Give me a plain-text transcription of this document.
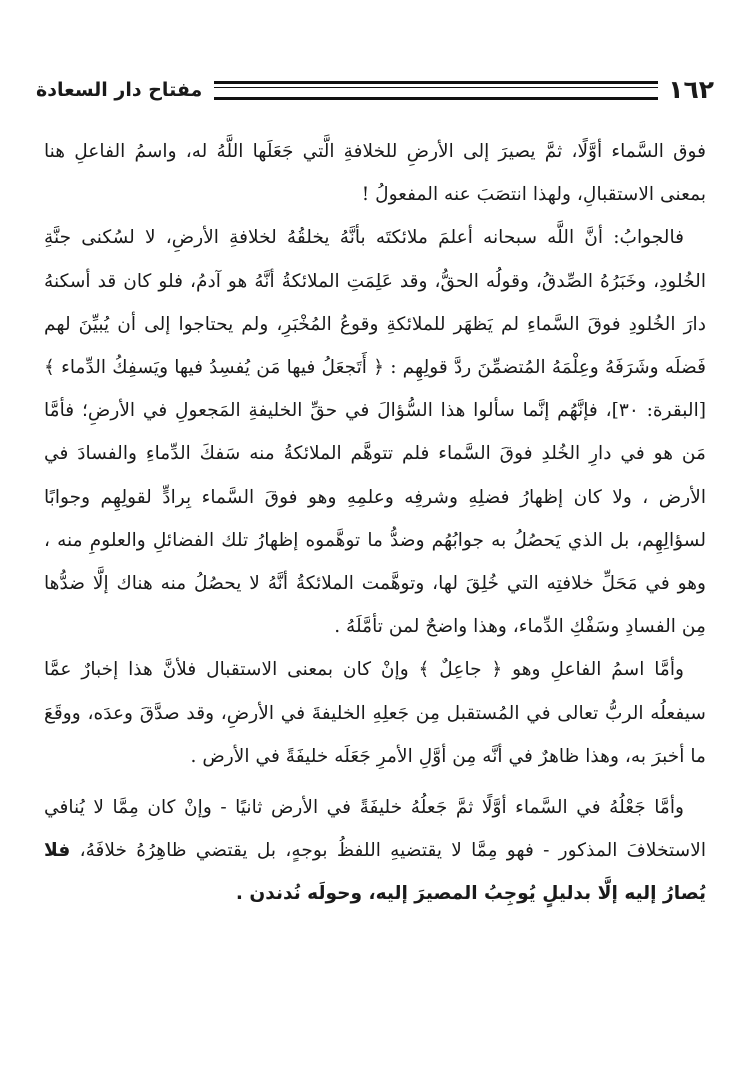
١٦٢
مفتاح دار السعادة

فوق السَّماء أوَّلًا، ثمَّ يصيرَ إلى الأرضِ للخلافةِ الَّتي جَعَلَها اللَّهُ له، واسمُ الفاعلِ هنا بمعنى الاستقبالِ، ولهذا انتصَبَ عنه المفعولُ !

فالجوابُ: أنَّ اللَّه سبحانه أعلمَ ملائكتَه بأنَّهُ يخلقُهُ لخلافةِ الأرضِ، لا لسُكنى جنَّةِ الخُلودِ، وخَبَرُهُ الصِّدقُ، وقولُه الحقُّ، وقد عَلِمَتِ الملائكةُ أنَّهُ هو آدمُ، فلو كان قد أسكنهُ دارَ الخُلودِ فوقَ السَّماءِ لم يَظهَر للملائكةِ وقوعُ المُخْبَرِ، ولم يحتاجوا إلى أن يُبيِّنَ لهم فَضلَه وشَرَفَهُ وعِلْمَهُ المُتضمِّنَ ردَّ قولِهِم : ﴿ أَتَجعَلُ فيها مَن يُفسِدُ فيها ويَسفِكُ الدِّماء ﴾ [البقرة: ٣٠]، فإنَّهُم إنَّما سألوا هذا السُّؤالَ في حقِّ الخليفةِ المَجعولِ في الأرضِ؛ فأمَّا مَن هو في دارِ الخُلدِ فوقَ السَّماء فلم تتوهَّم الملائكةُ منه سَفكَ الدِّماءِ والفسادَ في الأرض ، ولا كان إظهارُ فضلِهِ وشرفِه وعلمِهِ وهو فوقَ السَّماء بِرادٍّ لقولِهِم وجوابًا لسؤالِهِم، بل الذي يَحصُلُ به جوابُهُم وضدُّ ما توهَّموه إظهارُ تلك الفضائلِ والعلومِ منه ، وهو في مَحَلِّ خلافتِه التي خُلِقَ لها، وتوهَّمت الملائكةُ أنَّهُ لا يحصُلُ منه هناك إلَّا ضدُّها مِن الفسادِ وسَفْكِ الدِّماء، وهذا واضحٌ لمن تأمَّلَهُ .

وأمَّا اسمُ الفاعلِ وهو ﴿ جاعِلٌ ﴾ وإنْ كان بمعنى الاستقبال فلأنَّ هذا إخبارٌ عمَّا سيفعلُه الربُّ تعالى في المُستقبل مِن جَعلِهِ الخليفةَ في الأرضِ، وقد صدَّقَ وعدَه، ووقَعَ ما أخبرَ به، وهذا ظاهرٌ في أنَّه مِن أوَّلِ الأمرِ جَعَلَه خليفَةً في الأرض .

وأمَّا جَعْلُهُ في السَّماء أوَّلًا ثمَّ جَعلُهُ خليفَةً في الأرض ثانيًا - وإنْ كان مِمَّا لا يُنافي الاستخلافَ المذكور - فهو مِمَّا لا يقتضيهِ اللفظُ بوجهٍ، بل يقتضي ظاهِرُهُ خلافَهُ، فلا يُصارُ إليه إلَّا بدليلٍ يُوجِبُ المصيرَ إليه، وحولَه نُدندن .
